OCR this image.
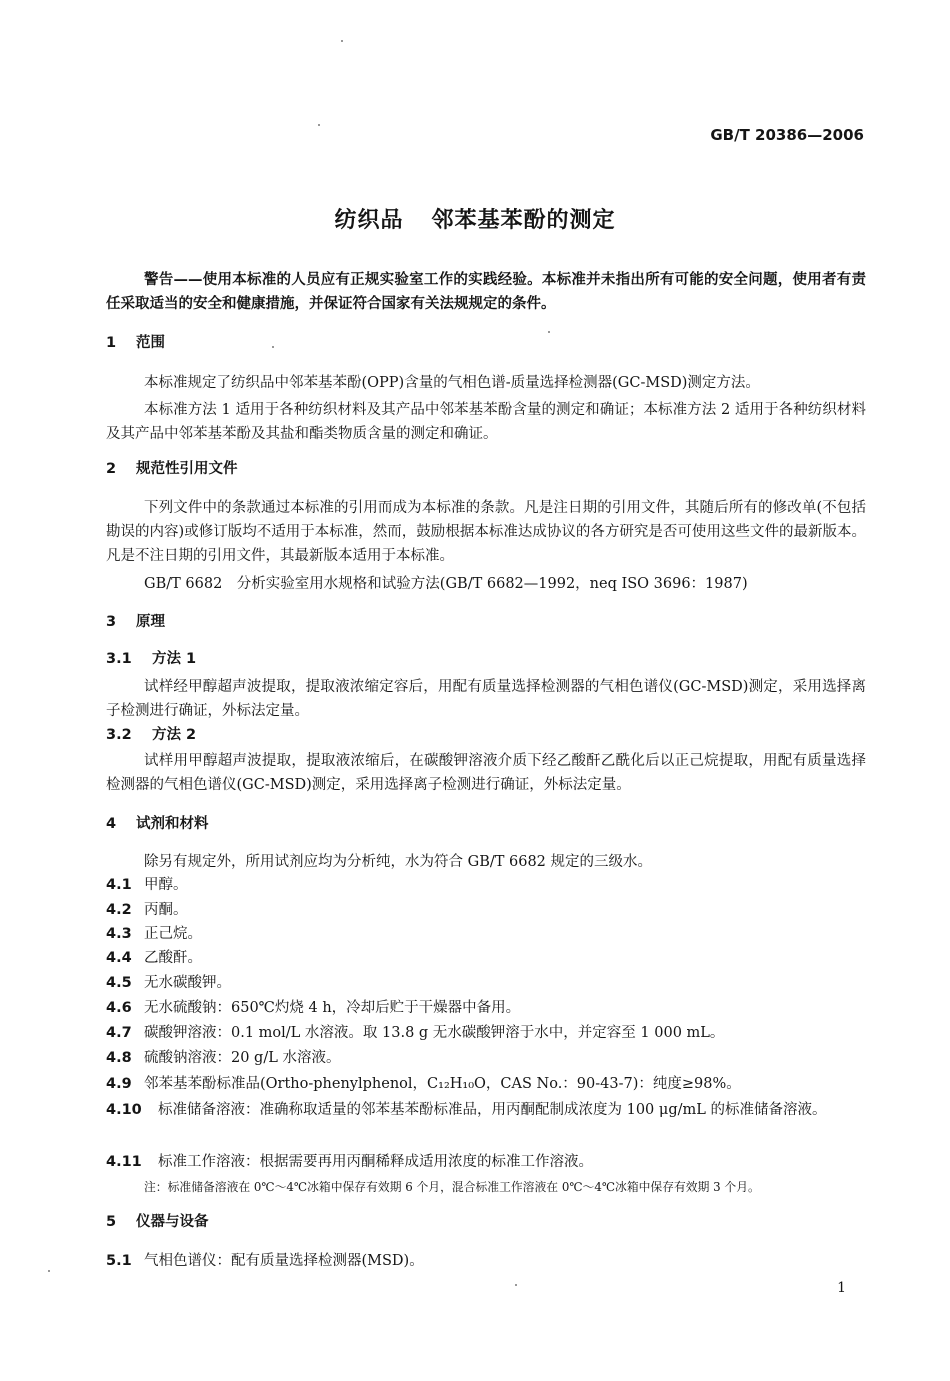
GB/T 20386—2006
纺织品 邻苯基苯酚的测定
警告——使用本标准的人员应有正规实验室工作的实践经验。本标准并未指出所有可能的安全问题，使用者有责任采取适当的安全和健康措施，并保证符合国家有关法规规定的条件。
1 范围
本标准规定了纺织品中邻苯基苯酚(OPP)含量的气相色谱-质量选择检测器(GC-MSD)测定方法。
本标准方法 1 适用于各种纺织材料及其产品中邻苯基苯酚含量的测定和确证；本标准方法 2 适用于各种纺织材料及其产品中邻苯基苯酚及其盐和酯类物质含量的测定和确证。
2 规范性引用文件
下列文件中的条款通过本标准的引用而成为本标准的条款。凡是注日期的引用文件，其随后所有的修改单(不包括勘误的内容)或修订版均不适用于本标准，然而，鼓励根据本标准达成协议的各方研究是否可使用这些文件的最新版本。凡是不注日期的引用文件，其最新版本适用于本标准。
GB/T 6682　分析实验室用水规格和试验方法(GB/T 6682—1992，neq ISO 3696：1987)
3 原理
3.1 方法 1
试样经甲醇超声波提取，提取液浓缩定容后，用配有质量选择检测器的气相色谱仪(GC-MSD)测定，采用选择离子检测进行确证，外标法定量。
3.2 方法 2
试样用甲醇超声波提取，提取液浓缩后，在碳酸钾溶液介质下经乙酸酐乙酰化后以正己烷提取，用配有质量选择检测器的气相色谱仪(GC-MSD)测定，采用选择离子检测进行确证，外标法定量。
4 试剂和材料
除另有规定外，所用试剂应均为分析纯，水为符合 GB/T 6682 规定的三级水。
4.1 甲醇。
4.2 丙酮。
4.3 正己烷。
4.4 乙酸酐。
4.5 无水碳酸钾。
4.6 无水硫酸钠：650℃灼烧 4 h，冷却后贮于干燥器中备用。
4.7 碳酸钾溶液：0.1 mol/L 水溶液。取 13.8 g 无水碳酸钾溶于水中，并定容至 1 000 mL。
4.8 硫酸钠溶液：20 g/L 水溶液。
4.9 邻苯基苯酚标准品(Ortho-phenylphenol，C₁₂H₁₀O，CAS No.：90-43-7)：纯度≥98%。
4.10 标准储备溶液：准确称取适量的邻苯基苯酚标准品，用丙酮配制成浓度为 100 μg/mL 的标准储备溶液。
4.11 标准工作溶液：根据需要再用丙酮稀释成适用浓度的标准工作溶液。
注：标准储备溶液在 0℃～4℃冰箱中保存有效期 6 个月，混合标准工作溶液在 0℃～4℃冰箱中保存有效期 3 个月。
5 仪器与设备
5.1 气相色谱仪：配有质量选择检测器(MSD)。
1
